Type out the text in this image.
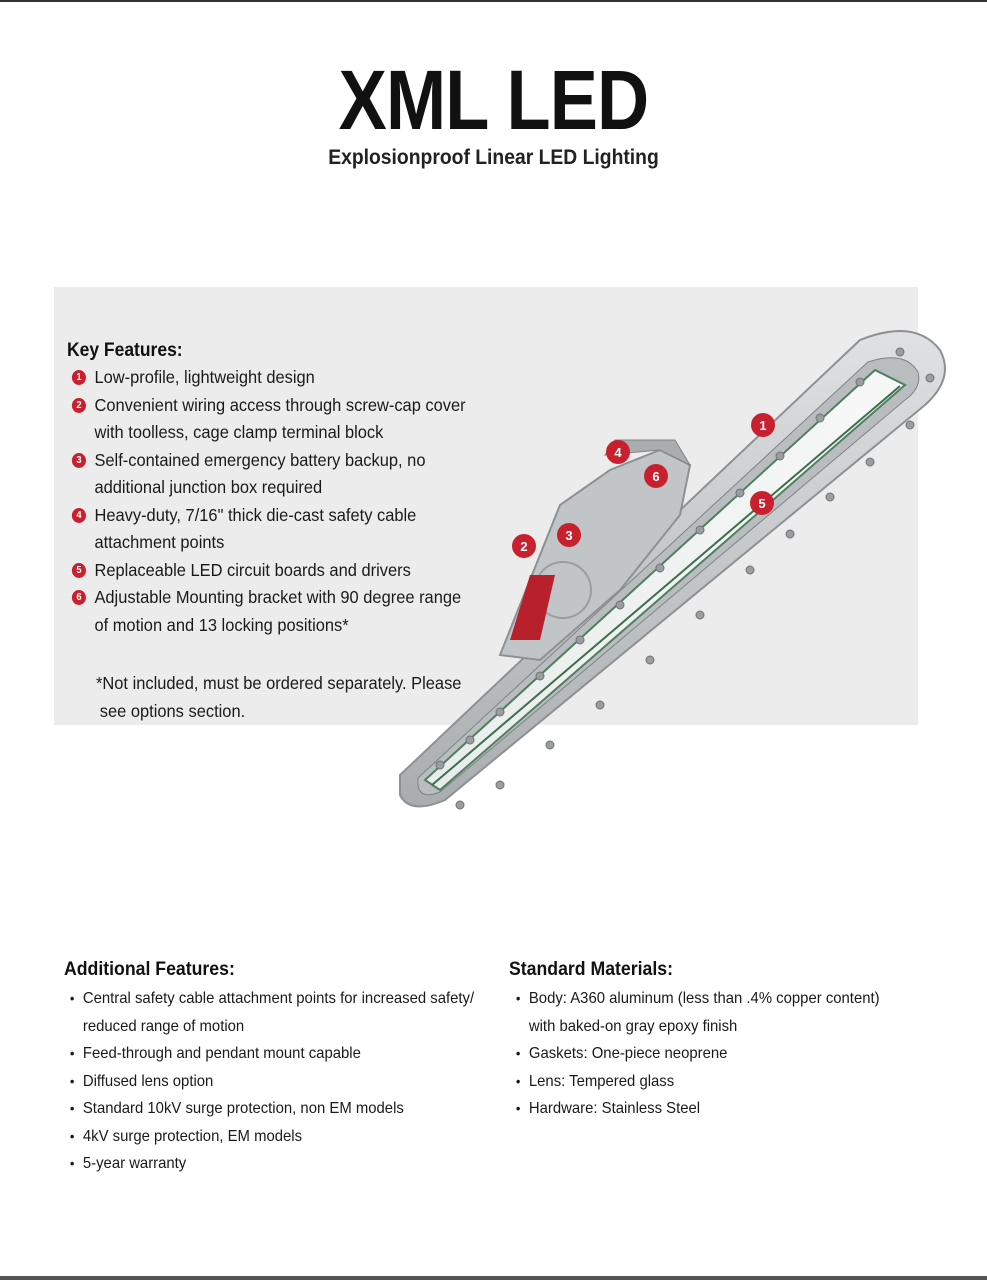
XML LED
Explosionproof Linear LED Lighting
1
2
3
4
5
6
Key Features:
1 Low-profile, lightweight design
2 Convenient wiring access through screw-cap cover
with toolless, cage clamp terminal block
3 Self-contained emergency battery backup, no
additional junction box required
4 Heavy-duty, 7/16" thick die-cast safety cable
attachment points
5 Replaceable LED circuit boards and drivers
6 Adjustable Mounting bracket with 90 degree range
of motion and 13 locking positions*
*Not included, must be ordered separately. Please
see options section.
Additional Features:
• Central safety cable attachment points for increased safety/
reduced range of motion
• Feed-through and pendant mount capable
• Diffused lens option
• Standard 10kV surge protection, non EM models
• 4kV surge protection, EM models
• 5-year warranty
Standard Materials:
• Body: A360 aluminum (less than .4% copper content)
with baked-on gray epoxy finish
• Gaskets: One-piece neoprene
• Lens: Tempered glass
• Hardware: Stainless Steel
